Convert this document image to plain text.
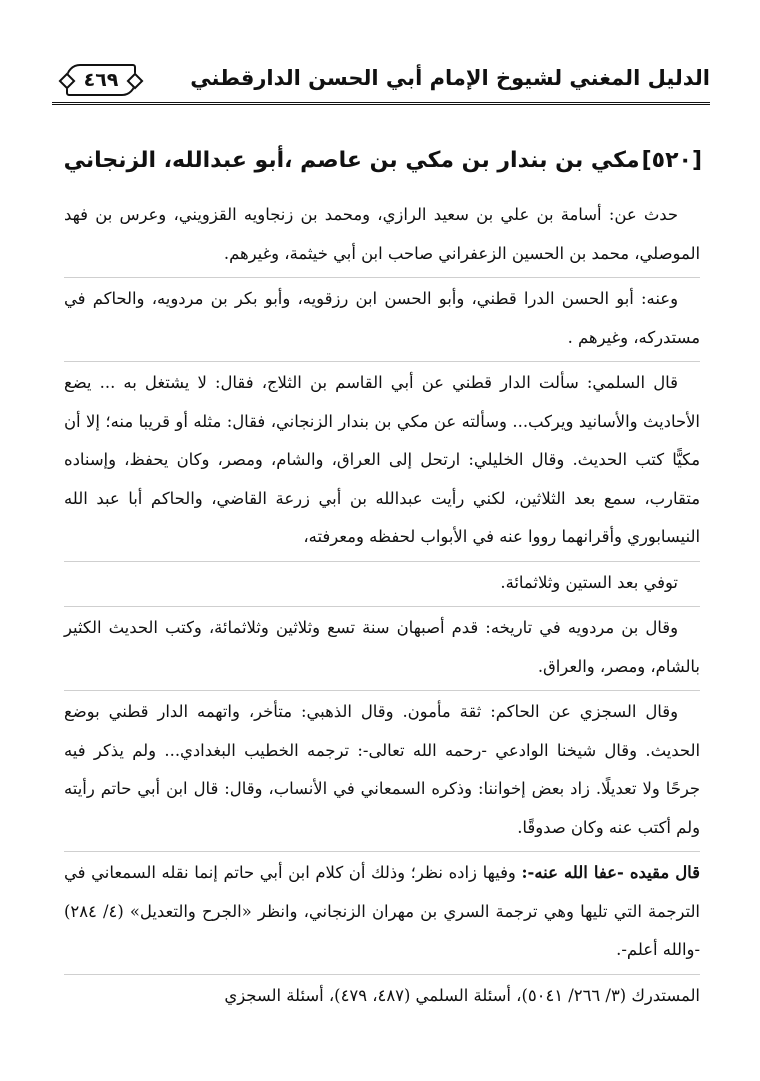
الدليل المغني لشيوخ الإمام أبي الحسن الدارقطني
٤٦٩
[٥٢٠]مكي بن بندار بن مكي بن عاصم ،أبو عبدالله، الزنجاني

حدث عن: أسامة بن علي بن سعيد الرازي، ومحمد بن زنجاويه القزويني، وعرس بن فهد الموصلي، محمد بن الحسين الزعفراني صاحب ابن أبي خيثمة، وغيرهم.

وعنه: أبو الحسن الدرا قطني، وأبو الحسن ابن رزقويه، وأبو بكر بن مردويه، والحاكم في مستدركه، وغيرهم .

قال السلمي: سألت الدار قطني عن أبي القاسم بن الثلاج، فقال: لا يشتغل به ... يضع الأحاديث والأسانيد ويركب... وسألته عن مكي بن بندار الزنجاني، فقال: مثله أو قريبا منه؛ إلا أن مكيًّا كتب الحديث. وقال الخليلي: ارتحل إلى العراق، والشام، ومصر، وكان يحفظ، وإسناده متقارب، سمع بعد الثلاثين، لكني رأيت عبدالله بن أبي زرعة القاضي، والحاكم أبا عبد الله النيسابوري وأقرانهما رووا عنه في الأبواب لحفظه ومعرفته،

توفي بعد الستين وثلاثمائة.

وقال بن مردويه في تاريخه: قدم أصبهان سنة تسع وثلاثين وثلاثمائة، وكتب الحديث الكثير بالشام، ومصر، والعراق.

وقال السجزي عن الحاكم: ثقة مأمون. وقال الذهبي: متأخر، واتهمه الدار قطني بوضع الحديث. وقال شيخنا الوادعي -رحمه الله تعالى-: ترجمه الخطيب البغدادي... ولم يذكر فيه جرحًا ولا تعديلًا. زاد بعض إخواننا: وذكره السمعاني في الأنساب، وقال: قال ابن أبي حاتم رأيته ولم أكتب عنه وكان صدوقًا.

قال مقيده -عفا الله عنه-: وفيها زاده نظر؛ وذلك أن كلام ابن أبي حاتم إنما نقله السمعاني في الترجمة التي تليها وهي ترجمة السري بن مهران الزنجاني، وانظر «الجرح والتعديل» (٤/ ٢٨٤) -والله أعلم-.

المستدرك (٣/ ٢٦٦/ ٥٠٤١)، أسئلة السلمي (٤٨٧، ٤٧٩)، أسئلة السجزي
